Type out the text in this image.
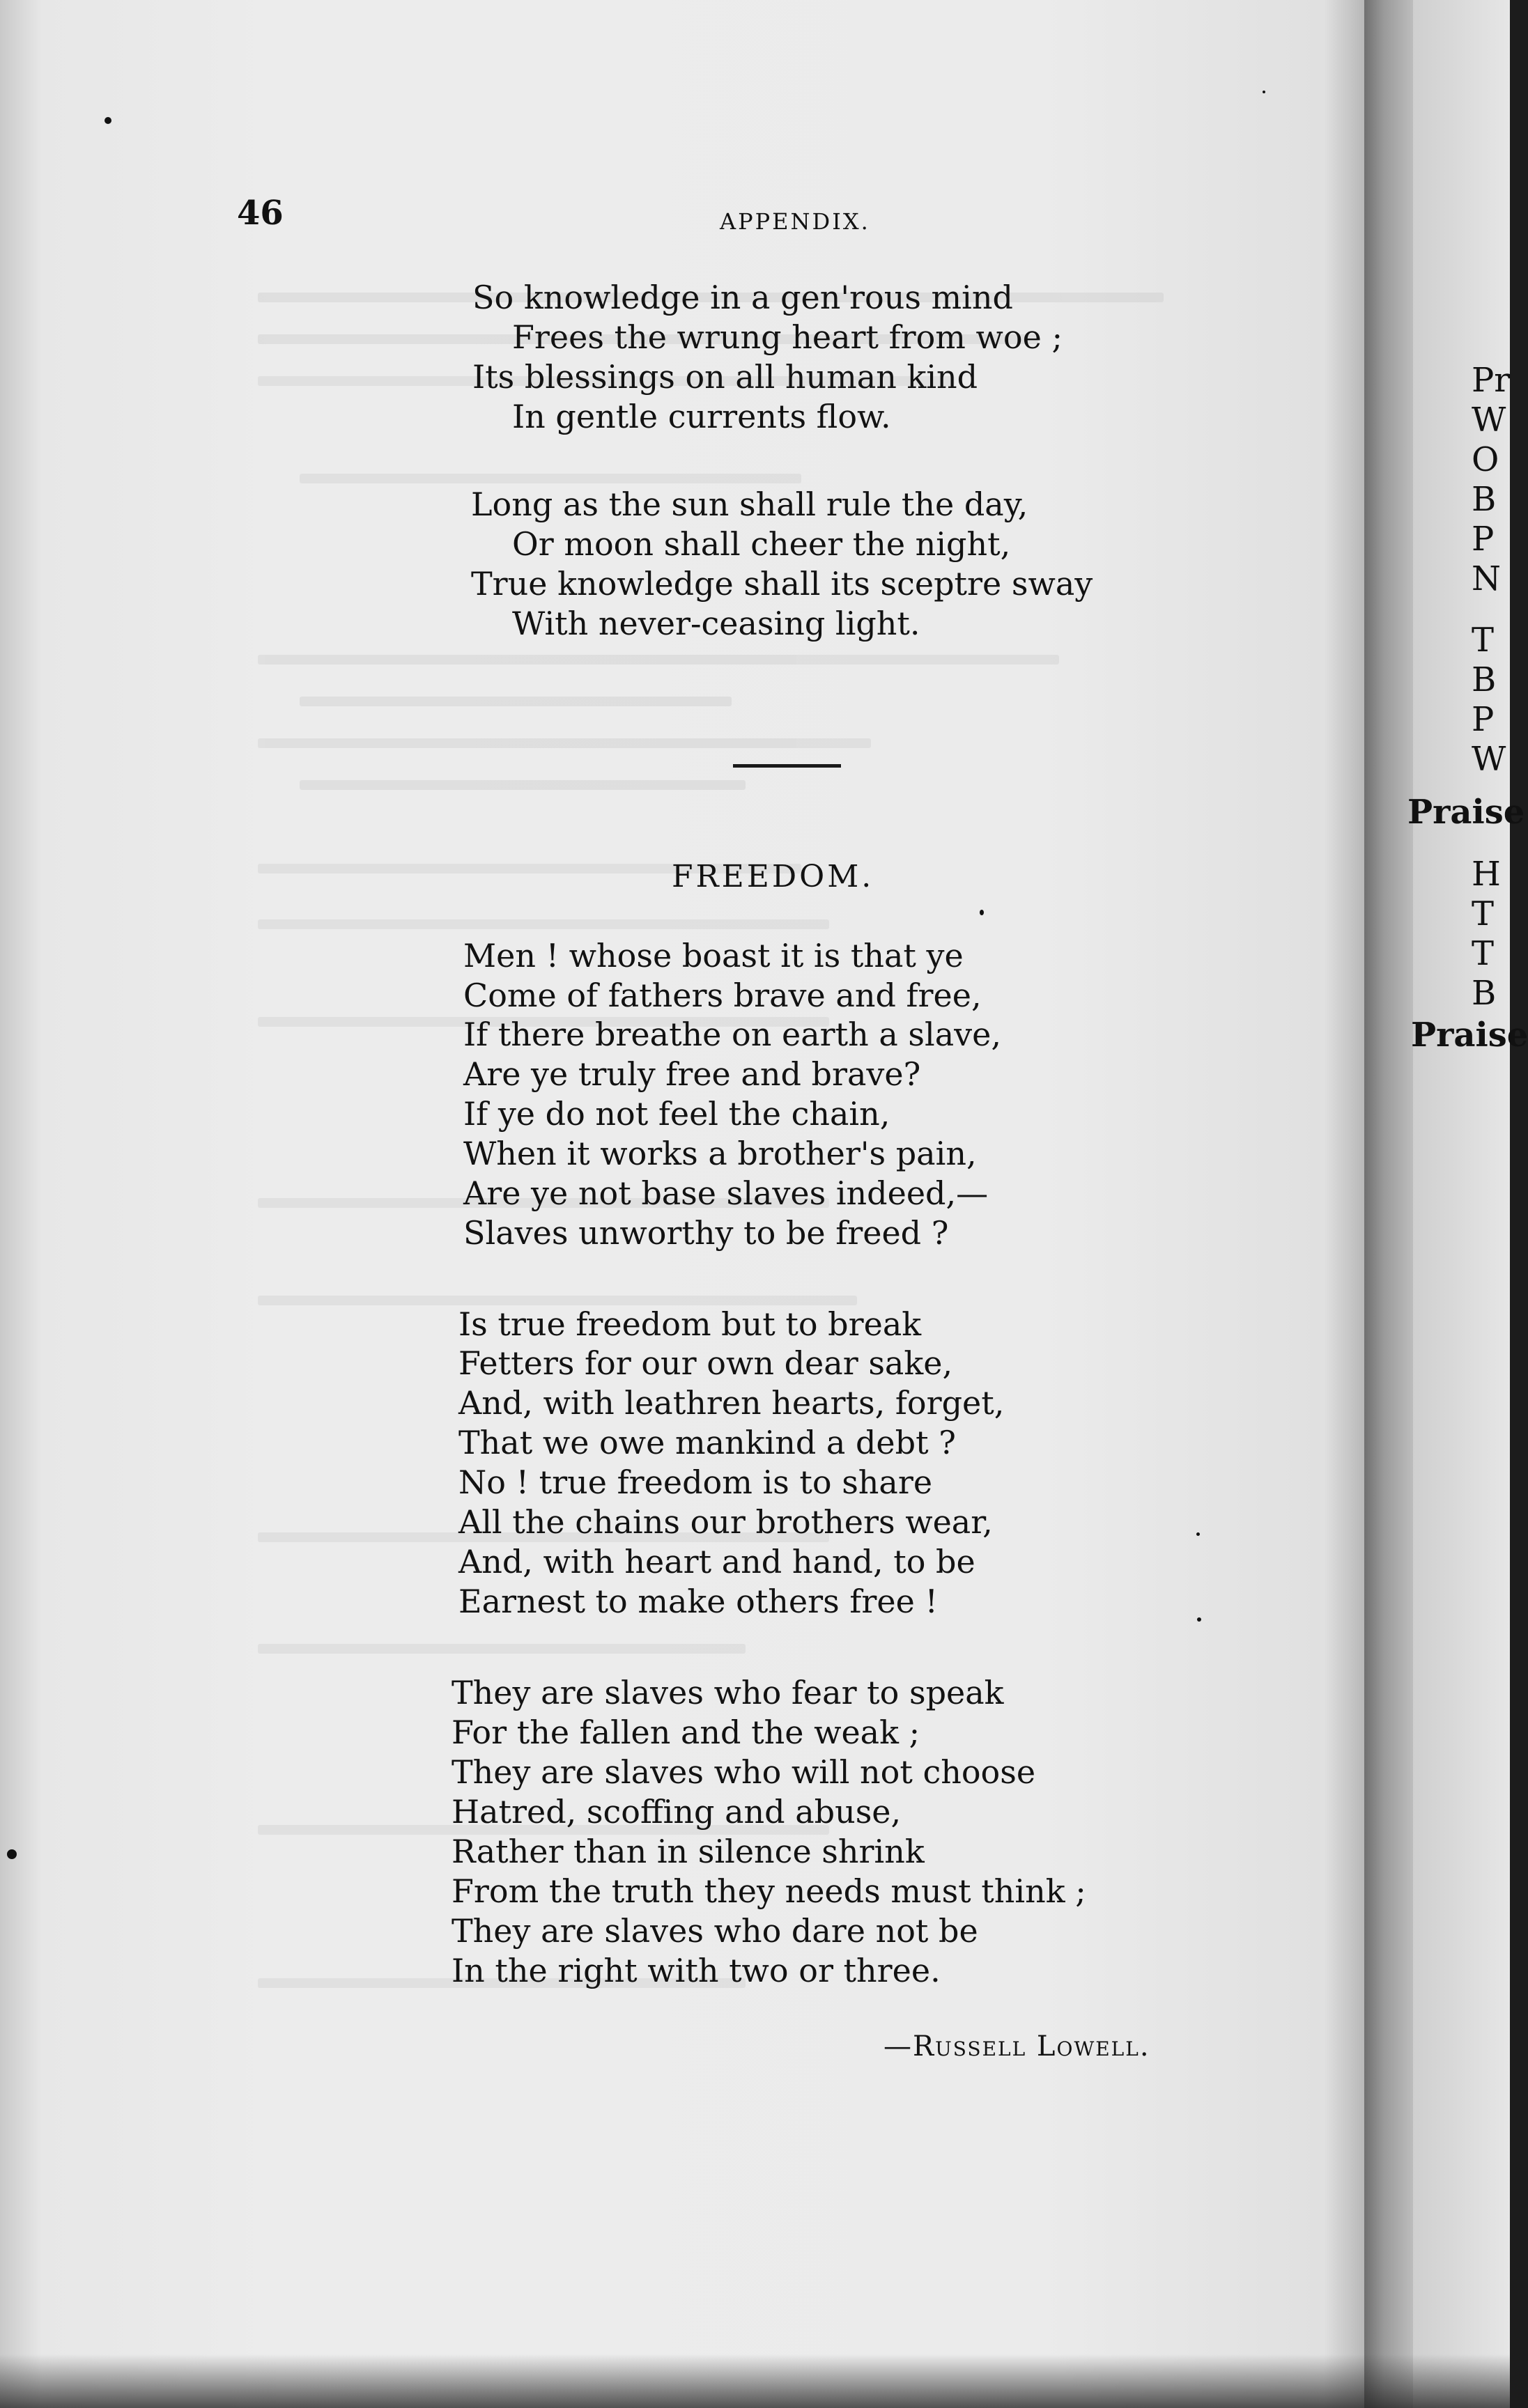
46	APPENDIX.

So knowledge in a gen'rous mind

Frees the wrung heart from woe ;

Its blessings on all human kind

In gentle currents flow.

Long as the sun shall rule the day,

Or moon shall cheer the night,

True knowledge shall its sceptre sway

With never-ceasing light.

FREEDOM.

Men ! whose boast it is that ye

Come of fathers brave and free,

If there breathe on earth a slave,

Are ye truly free and brave?

If ye do not feel the chain,

When it works a brother's pain,

Are ye not base slaves indeed,—

Slaves unworthy to be freed ?

Is true freedom but to break

Fetters for our own dear sake,

And, with leathren hearts, forget,

That we owe mankind a debt ?

No ! true freedom is to share

All the chains our brothers wear,

And, with heart and hand, to be

Earnest to make others free !

They are slaves who fear to speak

For the fallen and the weak ;

They are slaves who will not choose

Hatred, scoffing and abuse,

Rather than in silence shrink

From the truth they needs must think ;

They are slaves who dare not be

In the right with two or three.

—Russell Lowell.

Pr

W

O

B

P

N

T

B

P

W

Praise

H

T

T

B

Praise
